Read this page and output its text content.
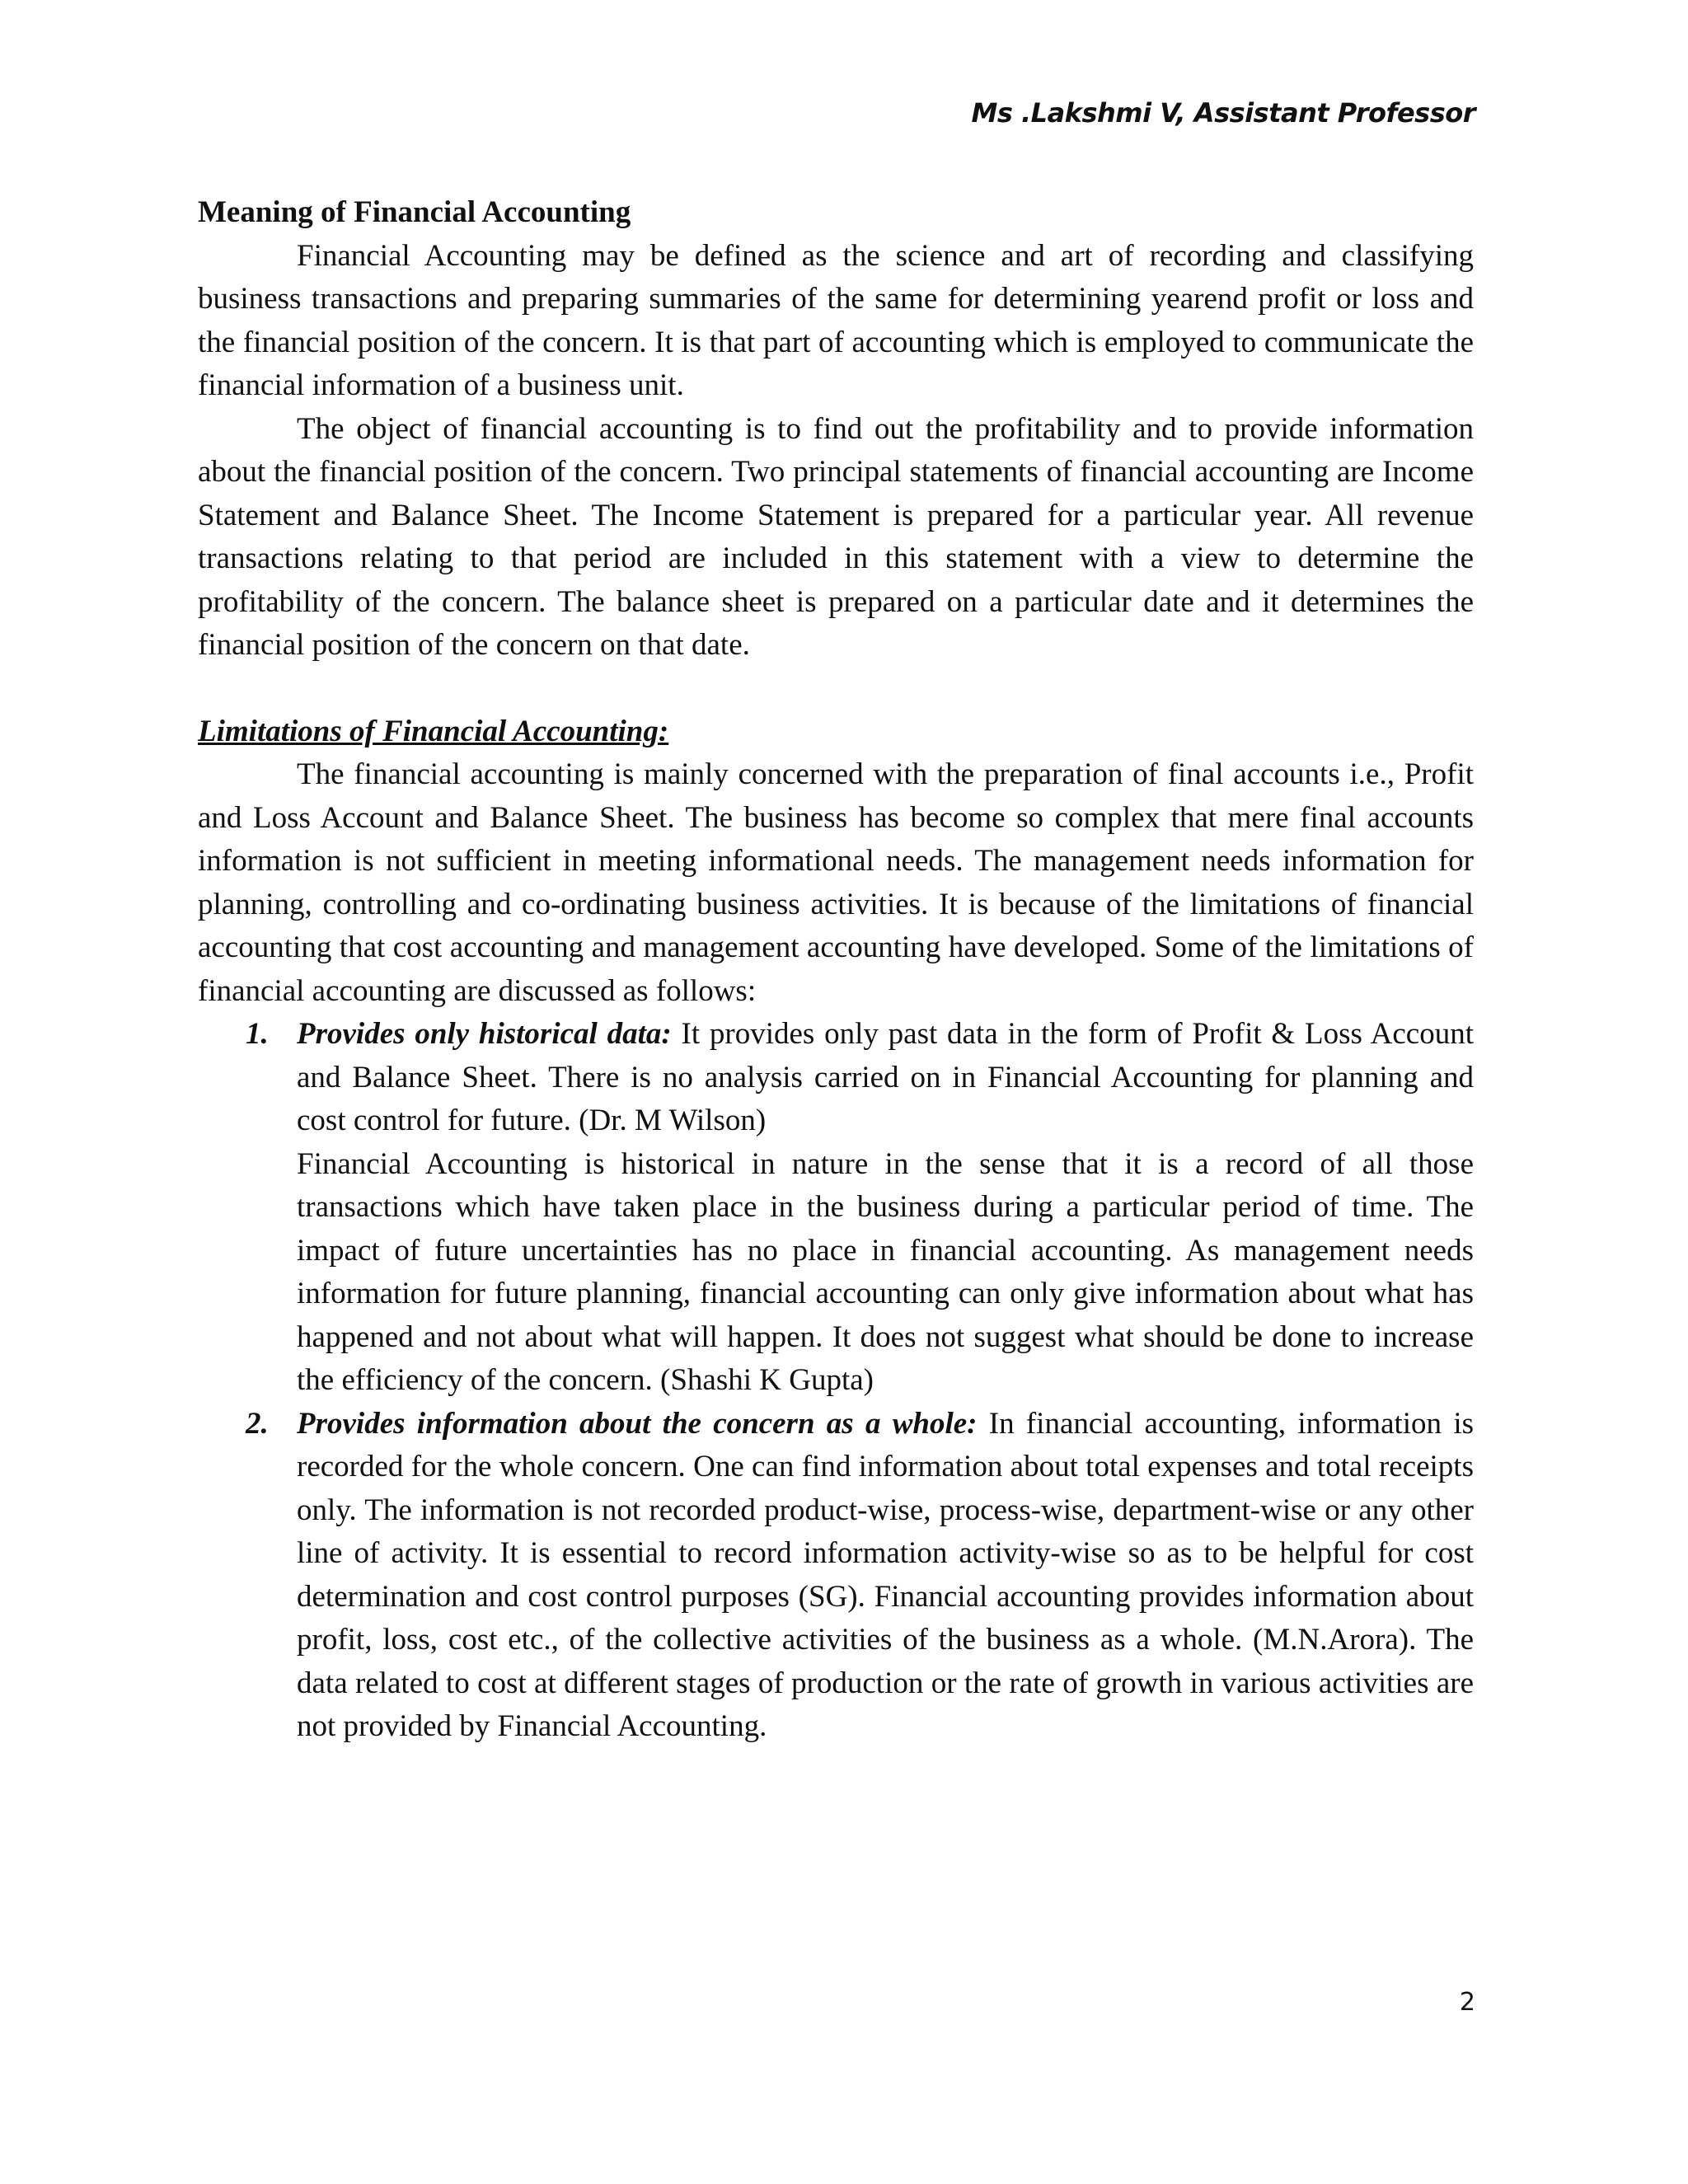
Ms .Lakshmi V, Assistant Professor

Meaning of Financial Accounting

Financial Accounting may be defined as the science and art of recording and classifying business transactions and preparing summaries of the same for determining yearend profit or loss and the financial position of the concern. It is that part of accounting which is employed to communicate the financial information of a business unit.

The object of financial accounting is to find out the profitability and to provide information about the financial position of the concern. Two principal statements of financial accounting are Income Statement and Balance Sheet. The Income Statement is prepared for a particular year. All revenue transactions relating to that period are included in this statement with a view to determine the profitability of the concern. The balance sheet is prepared on a particular date and it determines the financial position of the concern on that date.

Limitations of Financial Accounting:

The financial accounting is mainly concerned with the preparation of final accounts i.e., Profit and Loss Account and Balance Sheet. The business has become so complex that mere final accounts information is not sufficient in meeting informational needs. The management needs information for planning, controlling and co-ordinating business activities. It is because of the limitations of financial accounting that cost accounting and management accounting have developed. Some of the limitations of financial accounting are discussed as follows:

1. Provides only historical data: It provides only past data in the form of Profit & Loss Account and Balance Sheet. There is no analysis carried on in Financial Accounting for planning and cost control for future. (Dr. M Wilson)

Financial Accounting is historical in nature in the sense that it is a record of all those transactions which have taken place in the business during a particular period of time. The impact of future uncertainties has no place in financial accounting. As management needs information for future planning, financial accounting can only give information about what has happened and not about what will happen. It does not suggest what should be done to increase the efficiency of the concern. (Shashi K Gupta)

2. Provides information about the concern as a whole: In financial accounting, information is recorded for the whole concern. One can find information about total expenses and total receipts only. The information is not recorded product-wise, process-wise, department-wise or any other line of activity. It is essential to record information activity-wise so as to be helpful for cost determination and cost control purposes (SG). Financial accounting provides information about profit, loss, cost etc., of the collective activities of the business as a whole. (M.N.Arora). The data related to cost at different stages of production or the rate of growth in various activities are not provided by Financial Accounting.

2
